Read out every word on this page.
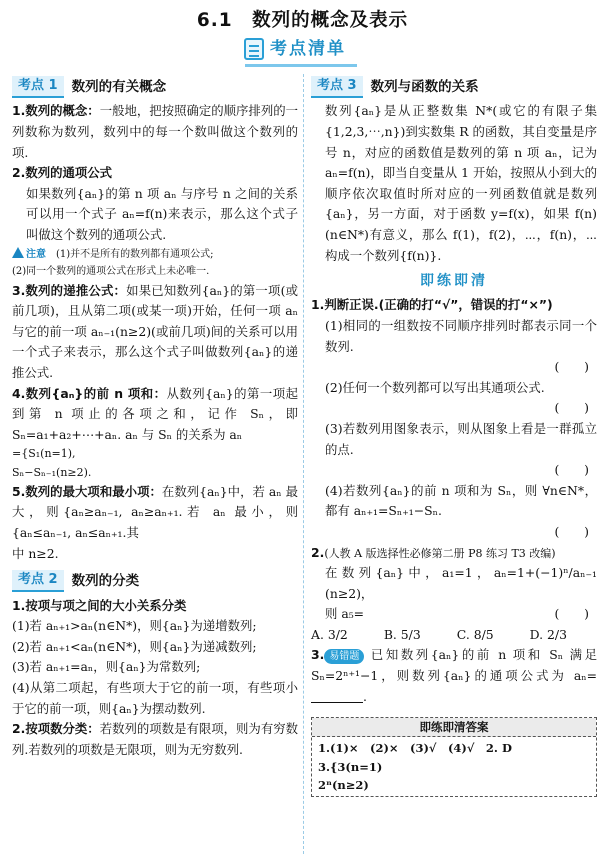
6.1　数列的概念及表示
考点清单
考点 1	数列的有关概念

1.数列的概念：一般地，把按照确定的顺序排列的一列数称为数列，数列中的每一个数叫做这个数列的项.

2.数列的通项公式

如果数列{aₙ}的第 n 项 aₙ 与序号 n 之间的关系可以用一个式子 aₙ=f(n)来表示，那么这个式子叫做这个数列的通项公式.

注意　 (1)并不是所有的数列都有通项公式;
(2)同一个数列的通项公式在形式上未必唯一.

3.数列的递推公式：如果已知数列{aₙ}的第一项(或前几项)，且从第二项(或某一项)开始，任何一项 aₙ 与它的前一项 aₙ₋₁(n≥2)(或前几项)间的关系可以用一个式子来表示，那么这个式子叫做数列{aₙ}的递推公式.

4.数列{aₙ}的前 n 项和：从数列{aₙ}的第一项起到第 n 项止的各项之和，记作 Sₙ，即 Sₙ=a₁+a₂+⋯+aₙ. aₙ 与 Sₙ 的关系为 aₙ

={S₁(n=1),
Sₙ−Sₙ₋₁(n≥2).

5.数列的最大项和最小项：在数列{aₙ}中，若 aₙ 最大，则{aₙ≥aₙ₋₁, aₙ≥aₙ₊₁.若 aₙ 最小，则{aₙ≤aₙ₋₁, aₙ≤aₙ₊₁.其

中 n≥2.

考点 2	数列的分类

1.按项与项之间的大小关系分类

(1)若 aₙ₊₁>aₙ(n∈N*)，则{aₙ}为递增数列;

(2)若 aₙ₊₁<aₙ(n∈N*)，则{aₙ}为递减数列;

(3)若 aₙ₊₁=aₙ，则{aₙ}为常数列;

(4)从第二项起，有些项大于它的前一项，有些项小于它的前一项，则{aₙ}为摆动数列.

2.按项数分类：若数列的项数是有限项，则为有穷数列.若数列的项数是无限项，则为无穷数列.

考点 3	数列与函数的关系

数列{aₙ}是从正整数集 N*(或它的有限子集{1,2,3,⋯,n})到实数集 R 的函数，其自变量是序号 n，对应的函数值是数列的第 n 项 aₙ，记为 aₙ=f(n)，即当自变量从 1 开始，按照从小到大的顺序依次取值时所对应的一列函数值就是数列{aₙ}，另一方面，对于函数 y=f(x)，如果 f(n)(n∈N*)有意义，那么 f(1)，f(2)，⋯，f(n)，⋯构成一个数列{f(n)}.

即练即清

1.判断正误.(正确的打“√”，错误的打“×”)

(1)相同的一组数按不同顺序排列时都表示同一个数列.

(　　)

(2)任何一个数列都可以写出其通项公式.

(　　)

(3)若数列用图象表示，则从图象上看是一群孤立的点.

(　　)

(4)若数列{aₙ}的前 n 项和为 Sₙ，则 ∀n∈N*，都有 aₙ₊₁=Sₙ₊₁−Sₙ.

(　　)

2.(人教 A 版选择性必修第二册 P8 练习 T3 改编)

在数列{aₙ}中，a₁=1，aₙ=1+(−1)ⁿ/aₙ₋₁ (n≥2)，

则 a₅=	(　　)
A. 3/2	B. 5/3	C. 8/5	D. 2/3

3. 易错题 已知数列{aₙ}的前 n 项和 Sₙ 满足 Sₙ=2ⁿ⁺¹−1，则数列{aₙ}的通项公式为 aₙ=.

即练即清答案
1.(1)×　(2)×　(3)√　(4)√　2. D
3.{3(n=1)
2ⁿ(n≥2)
